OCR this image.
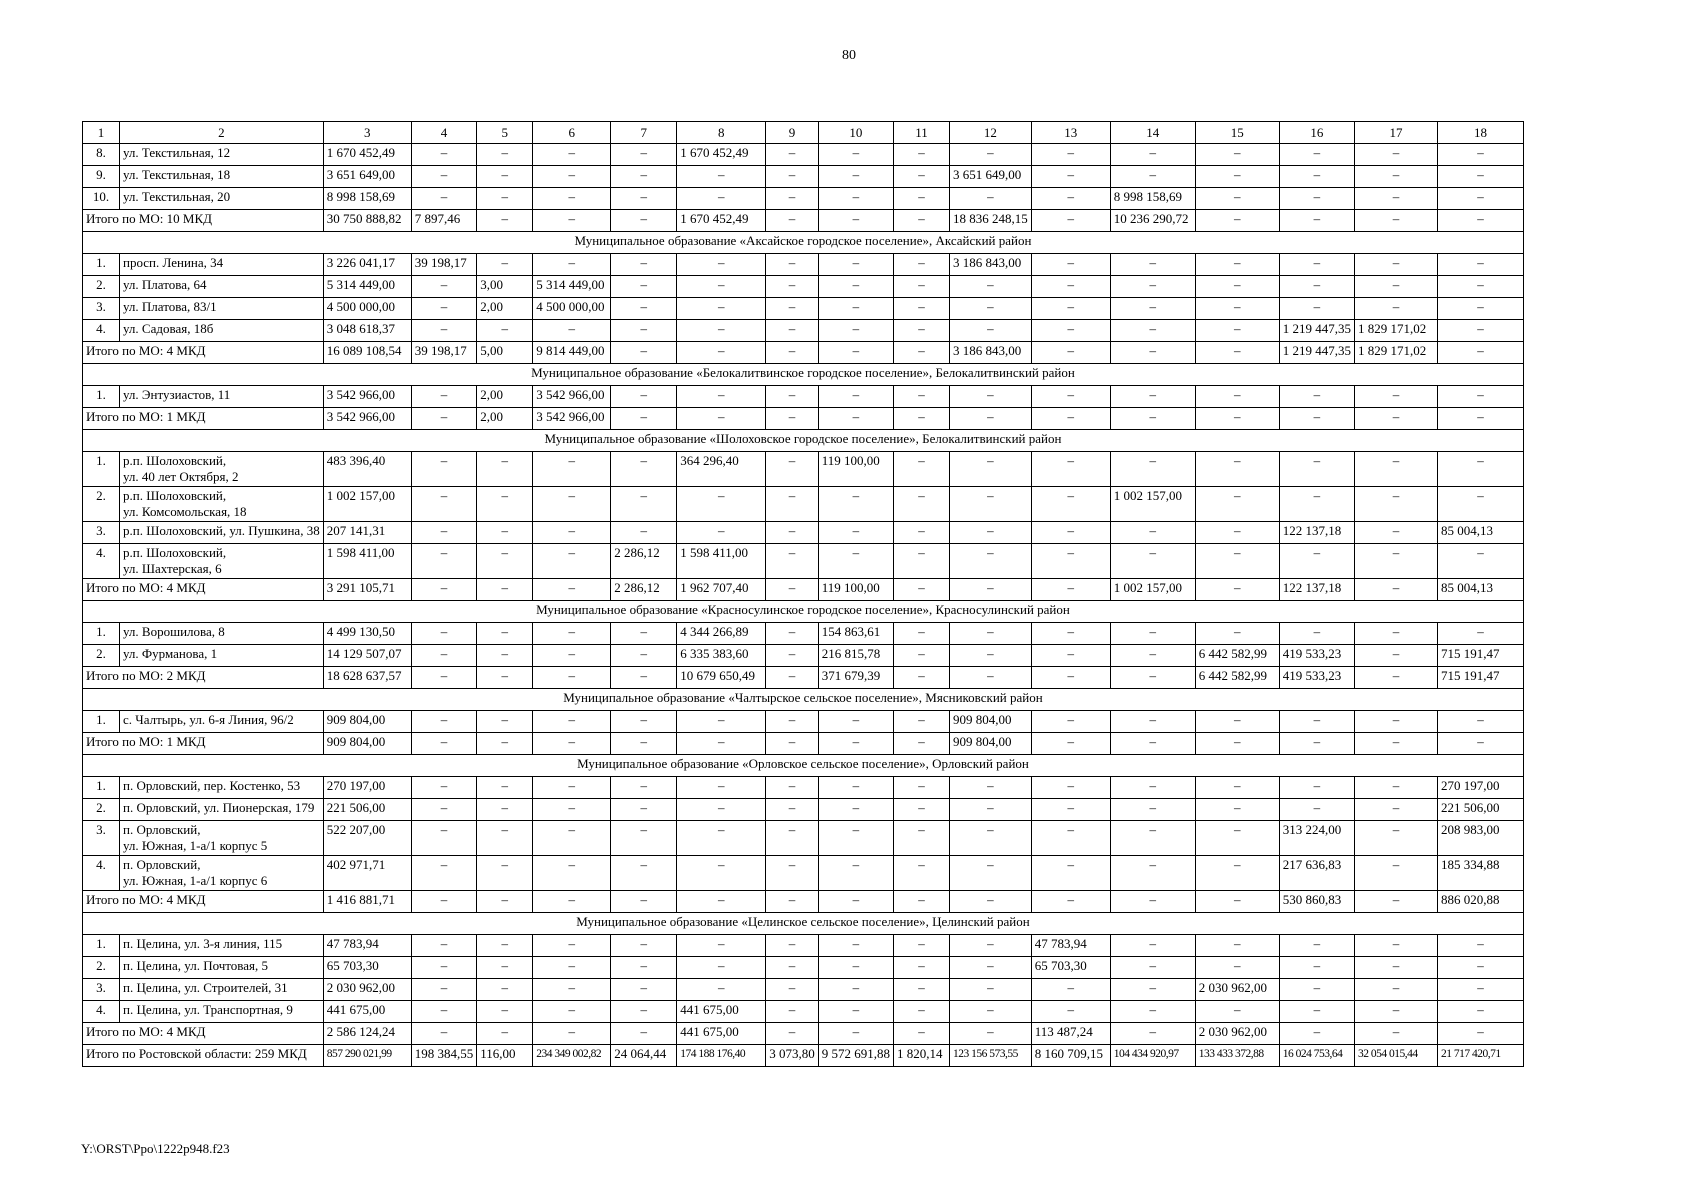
80
1	2	3	4	5	6	7	8	9	10	11	12	13	14	15	16	17	18
8.	ул. Текстильная, 12	1 670 452,49	–	–	–	–	1 670 452,49	–	–	–	–	–	–	–	–	–	–
9.	ул. Текстильная, 18	3 651 649,00	–	–	–	–	–	–	–	–	3 651 649,00	–	–	–	–	–	–
10.	ул. Текстильная, 20	8 998 158,69	–	–	–	–	–	–	–	–	–	–	8 998 158,69	–	–	–	–
Итого по МО: 10 МКД		30 750 888,82	7 897,46	–	–	–	1 670 452,49	–	–	–	18 836 248,15	–	10 236 290,72	–	–	–	–
Муниципальное образование «Аксайское городское поселение», Аксайский район																	
1.	просп. Ленина, 34	3 226 041,17	39 198,17	–	–	–	–	–	–	–	3 186 843,00	–	–	–	–	–	–
2.	ул. Платова, 64	5 314 449,00	–	3,00	5 314 449,00	–	–	–	–	–	–	–	–	–	–	–	–
3.	ул. Платова, 83/1	4 500 000,00	–	2,00	4 500 000,00	–	–	–	–	–	–	–	–	–	–	–	–
4.	ул. Садовая, 18б	3 048 618,37	–	–	–	–	–	–	–	–	–	–	–	–	1 219 447,35	1 829 171,02	–
Итого по МО: 4 МКД		16 089 108,54	39 198,17	5,00	9 814 449,00	–	–	–	–	–	3 186 843,00	–	–	–	1 219 447,35	1 829 171,02	–
Муниципальное образование «Белокалитвинское городское поселение», Белокалитвинский район																	
1.	ул. Энтузиастов, 11	3 542 966,00	–	2,00	3 542 966,00	–	–	–	–	–	–	–	–	–	–	–	–
Итого по МО: 1 МКД		3 542 966,00	–	2,00	3 542 966,00	–	–	–	–	–	–	–	–	–	–	–	–
Муниципальное образование «Шолоховское городское поселение», Белокалитвинский район																	
1.	р.п. Шолоховский,
ул. 40 лет Октября, 2	483 396,40	–	–	–	–	364 296,40	–	119 100,00	–	–	–	–	–	–	–	–
2.	р.п. Шолоховский,
ул. Комсомольская, 18	1 002 157,00	–	–	–	–	–	–	–	–	–	–	1 002 157,00	–	–	–	–
3.	р.п. Шолоховский, ул. Пушкина, 38	207 141,31	–	–	–	–	–	–	–	–	–	–	–	–	122 137,18	–	85 004,13
4.	р.п. Шолоховский,
ул. Шахтерская, 6	1 598 411,00	–	–	–	2 286,12	1 598 411,00	–	–	–	–	–	–	–	–	–	–
Итого по МО: 4 МКД		3 291 105,71	–	–	–	2 286,12	1 962 707,40	–	119 100,00	–	–	–	1 002 157,00	–	122 137,18	–	85 004,13
Муниципальное образование «Красносулинское городское поселение», Красносулинский район																	
1.	ул. Ворошилова, 8	4 499 130,50	–	–	–	–	4 344 266,89	–	154 863,61	–	–	–	–	–	–	–	–
2.	ул. Фурманова, 1	14 129 507,07	–	–	–	–	6 335 383,60	–	216 815,78	–	–	–	–	6 442 582,99	419 533,23	–	715 191,47
Итого по МО: 2 МКД		18 628 637,57	–	–	–	–	10 679 650,49	–	371 679,39	–	–	–	–	6 442 582,99	419 533,23	–	715 191,47
Муниципальное образование «Чалтырское сельское поселение», Мясниковский район																	
1.	с. Чалтырь, ул. 6-я Линия, 96/2	909 804,00	–	–	–	–	–	–	–	–	909 804,00	–	–	–	–	–	–
Итого по МО: 1 МКД		909 804,00	–	–	–	–	–	–	–	–	909 804,00	–	–	–	–	–	–
Муниципальное образование «Орловское сельское поселение», Орловский район																	
1.	п. Орловский, пер. Костенко, 53	270 197,00	–	–	–	–	–	–	–	–	–	–	–	–	–	–	270 197,00
2.	п. Орловский, ул. Пионерская, 179	221 506,00	–	–	–	–	–	–	–	–	–	–	–	–	–	–	221 506,00
3.	п. Орловский,
ул. Южная, 1-а/1 корпус 5	522 207,00	–	–	–	–	–	–	–	–	–	–	–	–	313 224,00	–	208 983,00
4.	п. Орловский,
ул. Южная, 1-а/1 корпус 6	402 971,71	–	–	–	–	–	–	–	–	–	–	–	–	217 636,83	–	185 334,88
Итого по МО: 4 МКД		1 416 881,71	–	–	–	–	–	–	–	–	–	–	–	–	530 860,83	–	886 020,88
Муниципальное образование «Целинское сельское поселение», Целинский район																	
1.	п. Целина, ул. 3-я линия, 115	47 783,94	–	–	–	–	–	–	–	–	–	47 783,94	–	–	–	–	–
2.	п. Целина, ул. Почтовая, 5	65 703,30	–	–	–	–	–	–	–	–	–	65 703,30	–	–	–	–	–
3.	п. Целина, ул. Строителей, 31	2 030 962,00	–	–	–	–	–	–	–	–	–	–	–	2 030 962,00	–	–	–
4.	п. Целина, ул. Транспортная, 9	441 675,00	–	–	–	–	441 675,00	–	–	–	–	–	–	–	–	–	–
Итого по МО: 4 МКД		2 586 124,24	–	–	–	–	441 675,00	–	–	–	–	113 487,24	–	2 030 962,00	–	–	–
Итого по Ростовской области: 259 МКД		857 290 021,99	198 384,55	116,00	234 349 002,82	24 064,44	174 188 176,40	3 073,80	9 572 691,88	1 820,14	123 156 573,55	8 160 709,15	104 434 920,97	133 433 372,88	16 024 753,64	32 054 015,44	21 717 420,71
Y:\ORST\Ppo\1222p948.f23
